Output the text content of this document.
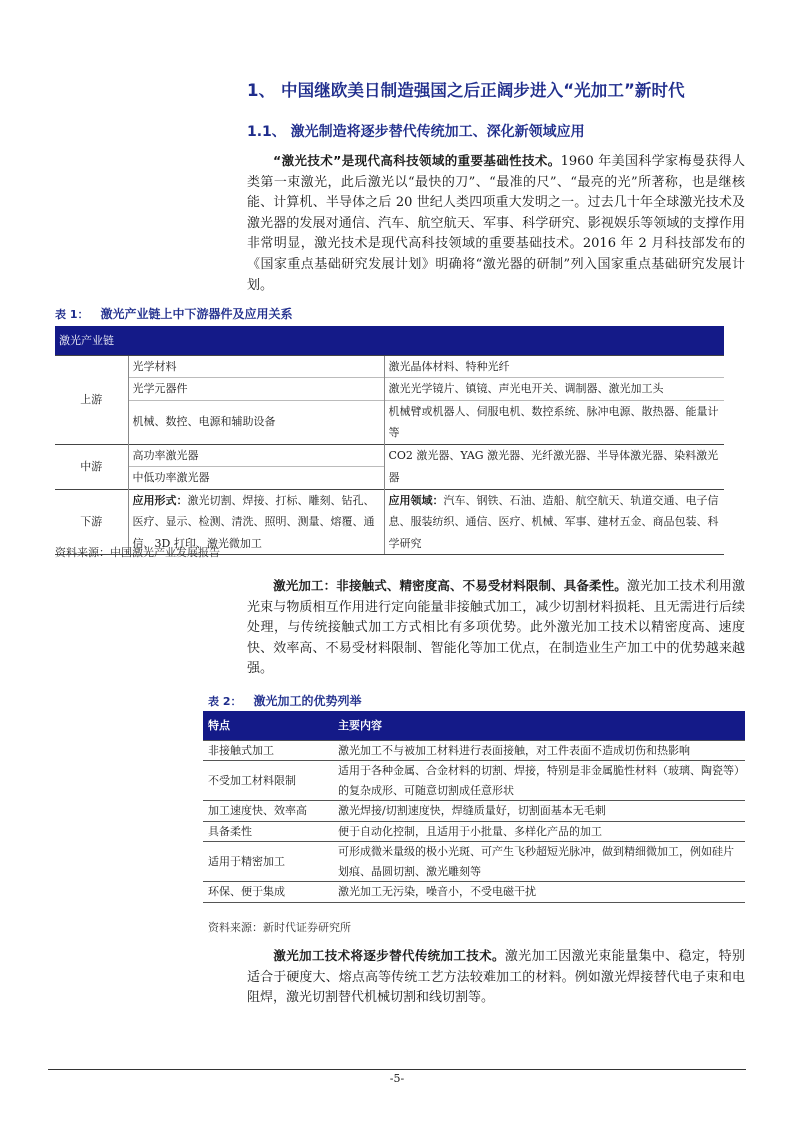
1、 中国继欧美日制造强国之后正阔步进入“光加工”新时代
1.1、 激光制造将逐步替代传统加工、深化新领域应用
“激光技术”是现代高科技领域的重要基础性技术。1960 年美国科学家梅曼获得人类第一束激光，此后激光以“最快的刀”、“最准的尺”、“最亮的光”所著称，也是继核能、计算机、半导体之后 20 世纪人类四项重大发明之一。过去几十年全球激光技术及激光器的发展对通信、汽车、航空航天、军事、科学研究、影视娱乐等领域的支撑作用非常明显，激光技术是现代高科技领域的重要基础技术。2016 年 2 月科技部发布的《国家重点基础研究发展计划》明确将“激光器的研制”列入国家重点基础研究发展计划。
表 1： 激光产业链上中下游器件及应用关系
激光产业链		
上游	光学材料	激光晶体材料、特种光纤
	光学元器件	激光光学镜片、镇镜、声光电开关、调制器、激光加工头
	机械、数控、电源和辅助设备	机械臂或机器人、伺服电机、数控系统、脉冲电源、散热器、能量计等
中游	高功率激光器	CO2 激光器、YAG 激光器、光纤激光器、半导体激光器、染料激光器
	中低功率激光器	
下游	应用形式：激光切割、焊接、打标、雕刻、钻孔、医疗、显示、检测、清洗、照明、测量、熔覆、通信、3D 打印、激光微加工	应用领域：汽车、钢铁、石油、造船、航空航天、轨道交通、电子信息、服装纺织、通信、医疗、机械、军事、建材五金、商品包装、科学研究
资料来源：中国激光产业发展报告
激光加工：非接触式、精密度高、不易受材料限制、具备柔性。激光加工技术利用激光束与物质相互作用进行定向能量非接触式加工，减少切割材料损耗、且无需进行后续处理，与传统接触式加工方式相比有多项优势。此外激光加工技术以精密度高、速度快、效率高、不易受材料限制、智能化等加工优点，在制造业生产加工中的优势越来越强。
表 2： 激光加工的优势列举
特点	主要内容
非接触式加工	激光加工不与被加工材料进行表面接触，对工件表面不造成切伤和热影响
不受加工材料限制	适用于各种金属、合金材料的切割、焊接，特别是非金属脆性材料（玻璃、陶瓷等）的复杂成形、可随意切割成任意形状
加工速度快、效率高	激光焊接/切割速度快，焊缝质量好，切割面基本无毛刺
具备柔性	便于自动化控制，且适用于小批量、多样化产品的加工
适用于精密加工	可形成微米量级的极小光斑、可产生飞秒超短光脉冲，做到精细微加工，例如硅片划痕、晶圆切割、激光雕刻等
环保、便于集成	激光加工无污染，噪音小，不受电磁干扰
资料来源：新时代证券研究所
激光加工技术将逐步替代传统加工技术。激光加工因激光束能量集中、稳定，特别适合于硬度大、熔点高等传统工艺方法较难加工的材料。例如激光焊接替代电子束和电阻焊，激光切割替代机械切割和线切割等。
-5-
